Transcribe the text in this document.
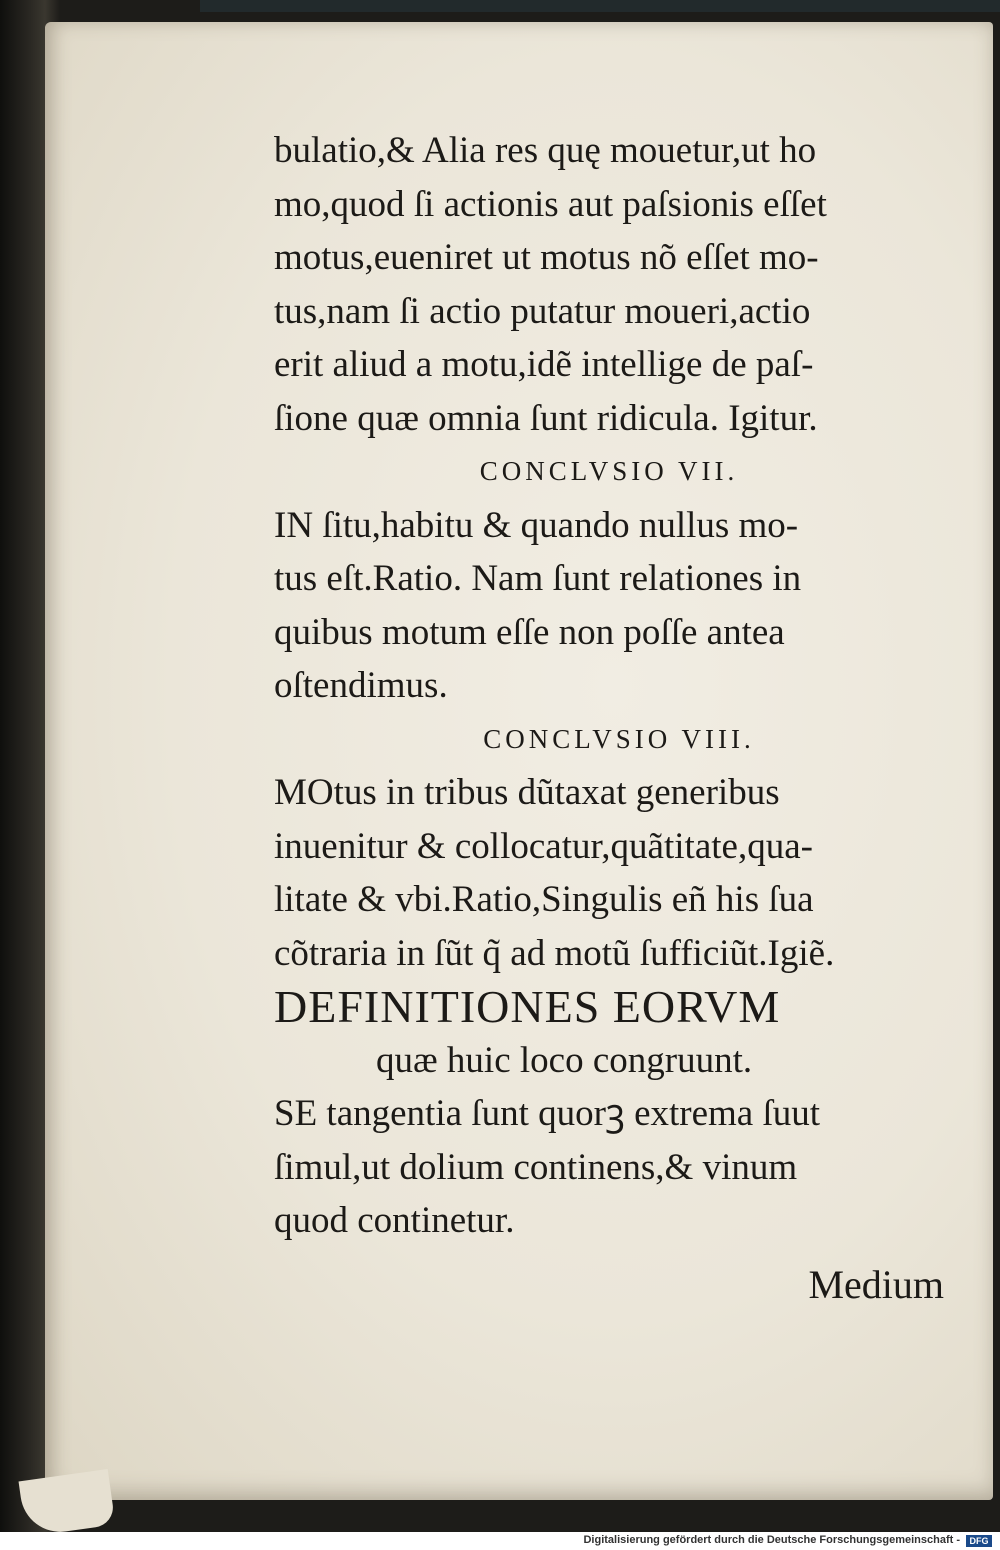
bulatio,& Alia res quę mouetur,ut ho
mo,quod ſi actionis aut paſsionis eſſet
motus,eueniret ut motus nõ eſſet mo-
tus,nam ſi actio putatur moueri,actio
erit aliud a motu,idẽ intellige de paſ-
ſione quæ omnia ſunt ridicula. Igitur.
CONCLVSIO VII.
IN ſitu,habitu & quando nullus mo-
tus eſt.Ratio. Nam ſunt relationes in
quibus motum eſſe non poſſe antea
oſtendimus.
CONCLVSIO VIII.
MOtus in tribus dũtaxat generibus
inuenitur & collocatur,quãtitate,qua-
litate & vbi.Ratio,Singulis eñ his ſua
cõtraria in ſũt q̃ ad motũ ſufficiũt.Igiẽ.
DEFINITIONES EORVM
quæ huic loco congruunt.
SE tangentia ſunt quorꝫ extrema ſuut
ſimul,ut dolium continens,& vinum
quod continetur.
Medium
Digitalisierung gefördert durch die Deutsche Forschungsgemeinschaft -	DFG
